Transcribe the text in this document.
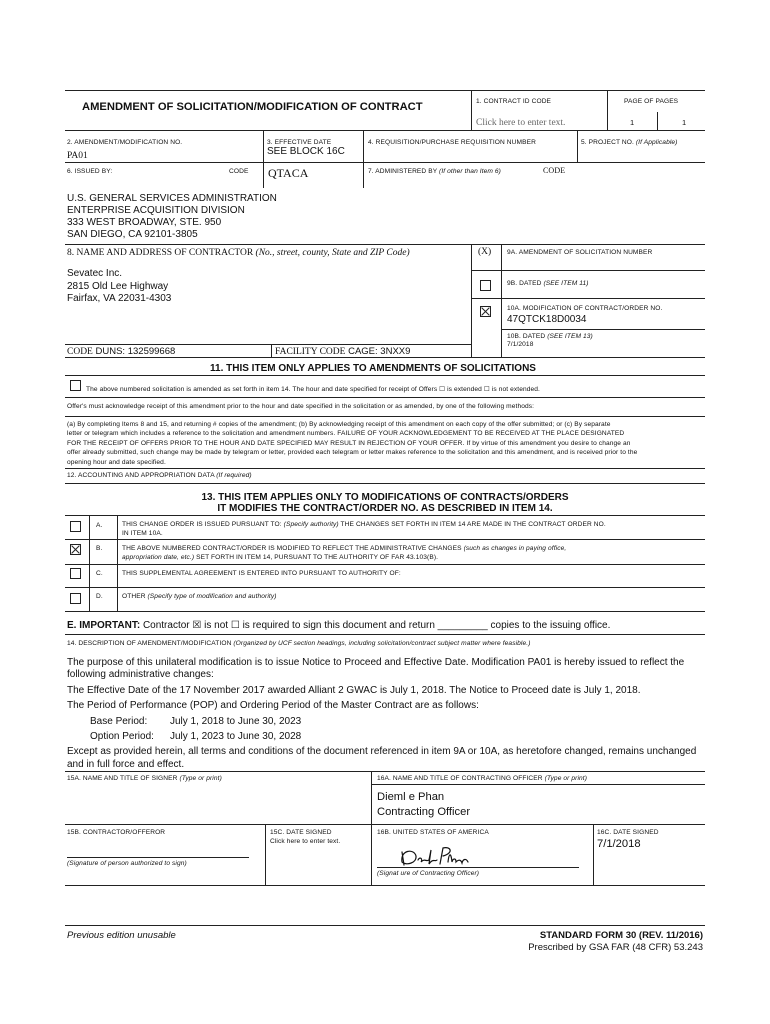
AMENDMENT OF SOLICITATION/MODIFICATION OF CONTRACT	1. CONTRACT ID CODE
Click here to enter text.
PAGE OF PAGES
1	1
2. AMENDMENT/MODIFICATION NO.
PA01
3. EFFECTIVE DATE
SEE BLOCK 16C
4. REQUISITION/PURCHASE REQUISITION NUMBER	5. PROJECT NO. (If Applicable)
6. ISSUED BY:	CODE QTACA	7. ADMINISTERED BY (If other than Item 6)	CODE
U.S. GENERAL SERVICES ADMINISTRATION
ENTERPRISE ACQUISITION DIVISION
333 WEST BROADWAY, STE. 950
SAN DIEGO, CA 92101-3805
8. NAME AND ADDRESS OF CONTRACTOR (No., street, county, State and ZIP Code)	(X) 9A. AMENDMENT OF SOLICITATION NUMBER
Sevatec Inc.
2815 Old Lee Highway
Fairfax, VA 22031-4303
9B. DATED (SEE ITEM 11)
10A. MODIFICATION OF CONTRACT/ORDER NO.
47QTCK18D0034
10B. DATED (SEE ITEM 13)
7/1/2018
CODE DUNS: 132599668	FACILITY CODE CAGE: 3NXX9
11. THIS ITEM ONLY APPLIES TO AMENDMENTS OF SOLICITATIONS
The above numbered solicitation is amended as set forth in item 14. The hour and date specified for receipt of Offers ☐ is extended ☐ is not extended.
Offer's must acknowledge receipt of this amendment prior to the hour and date specified in the solicitation or as amended, by one of the following methods:
(a) By completing Items 8 and 15, and returning # copies of the amendment; (b) By acknowledging receipt of this amendment on each copy of the offer submitted; or (c) By separate
letter or telegram which includes a reference to the solicitation and amendment numbers. FAILURE OF YOUR ACKNOWLEDGEMENT TO BE RECEIVED AT THE PLACE DESIGNATED
FOR THE RECEIPT OF OFFERS PRIOR TO THE HOUR AND DATE SPECIFIED MAY RESULT IN REJECTION OF YOUR OFFER. If by virtue of this amendment you desire to change an
offer already submitted, such change may be made by telegram or letter, provided each telegram or letter makes reference to the solicitation and this amendment, and is received prior to the
opening hour and date specified.
12. ACCOUNTING AND APPROPRIATION DATA (If required)
13. THIS ITEM APPLIES ONLY TO MODIFICATIONS OF CONTRACTS/ORDERS
IT MODIFIES THE CONTRACT/ORDER NO. AS DESCRIBED IN ITEM 14.
A.	THIS CHANGE ORDER IS ISSUED PURSUANT TO: (Specify authority) THE CHANGES SET FORTH IN ITEM 14 ARE MADE IN THE CONTRACT ORDER NO.
IN ITEM 10A.
B.	THE ABOVE NUMBERED CONTRACT/ORDER IS MODIFIED TO REFLECT THE ADMINISTRATIVE CHANGES (such as changes in paying office,
appropriation date, etc.) SET FORTH IN ITEM 14, PURSUANT TO THE AUTHORITY OF FAR 43.103(B).
C.	THIS SUPPLEMENTAL AGREEMENT IS ENTERED INTO PURSUANT TO AUTHORITY OF:
D.	OTHER (Specify type of modification and authority)
E. IMPORTANT: Contractor ☒ is not ☐ is required to sign this document and return _________ copies to the issuing office.
14. DESCRIPTION OF AMENDMENT/MODIFICATION (Organized by UCF section headings, including solicitation/contract subject matter where feasible.)
The purpose of this unilateral modification is to issue Notice to Proceed and Effective Date. Modification PA01 is hereby issued to reflect the following administrative changes:
The Effective Date of the 17 November 2017 awarded Alliant 2 GWAC is July 1, 2018. The Notice to Proceed date is July 1, 2018.
The Period of Performance (POP) and Ordering Period of the Master Contract are as follows:
Base Period: July 1, 2018 to June 30, 2023
Option Period: July 1, 2023 to June 30, 2028
Except as provided herein, all terms and conditions of the document referenced in item 9A or 10A, as heretofore changed, remains unchanged and in full force and effect.
15A. NAME AND TITLE OF SIGNER (Type or print)	16A. NAME AND TITLE OF CONTRACTING OFFICER (Type or print)
Dieml e Phan
Contracting Officer
15B. CONTRACTOR/OFFEROR	15C. DATE SIGNED
Click here to enter text.
16B. UNITED STATES OF AMERICA	16C. DATE SIGNED
7/1/2018
(Signature of person authorized to sign)
(Signat ure of Contracting Officer)
Previous edition unusable	STANDARD FORM 30 (REV. 11/2016)
Prescribed by GSA FAR (48 CFR) 53.243
